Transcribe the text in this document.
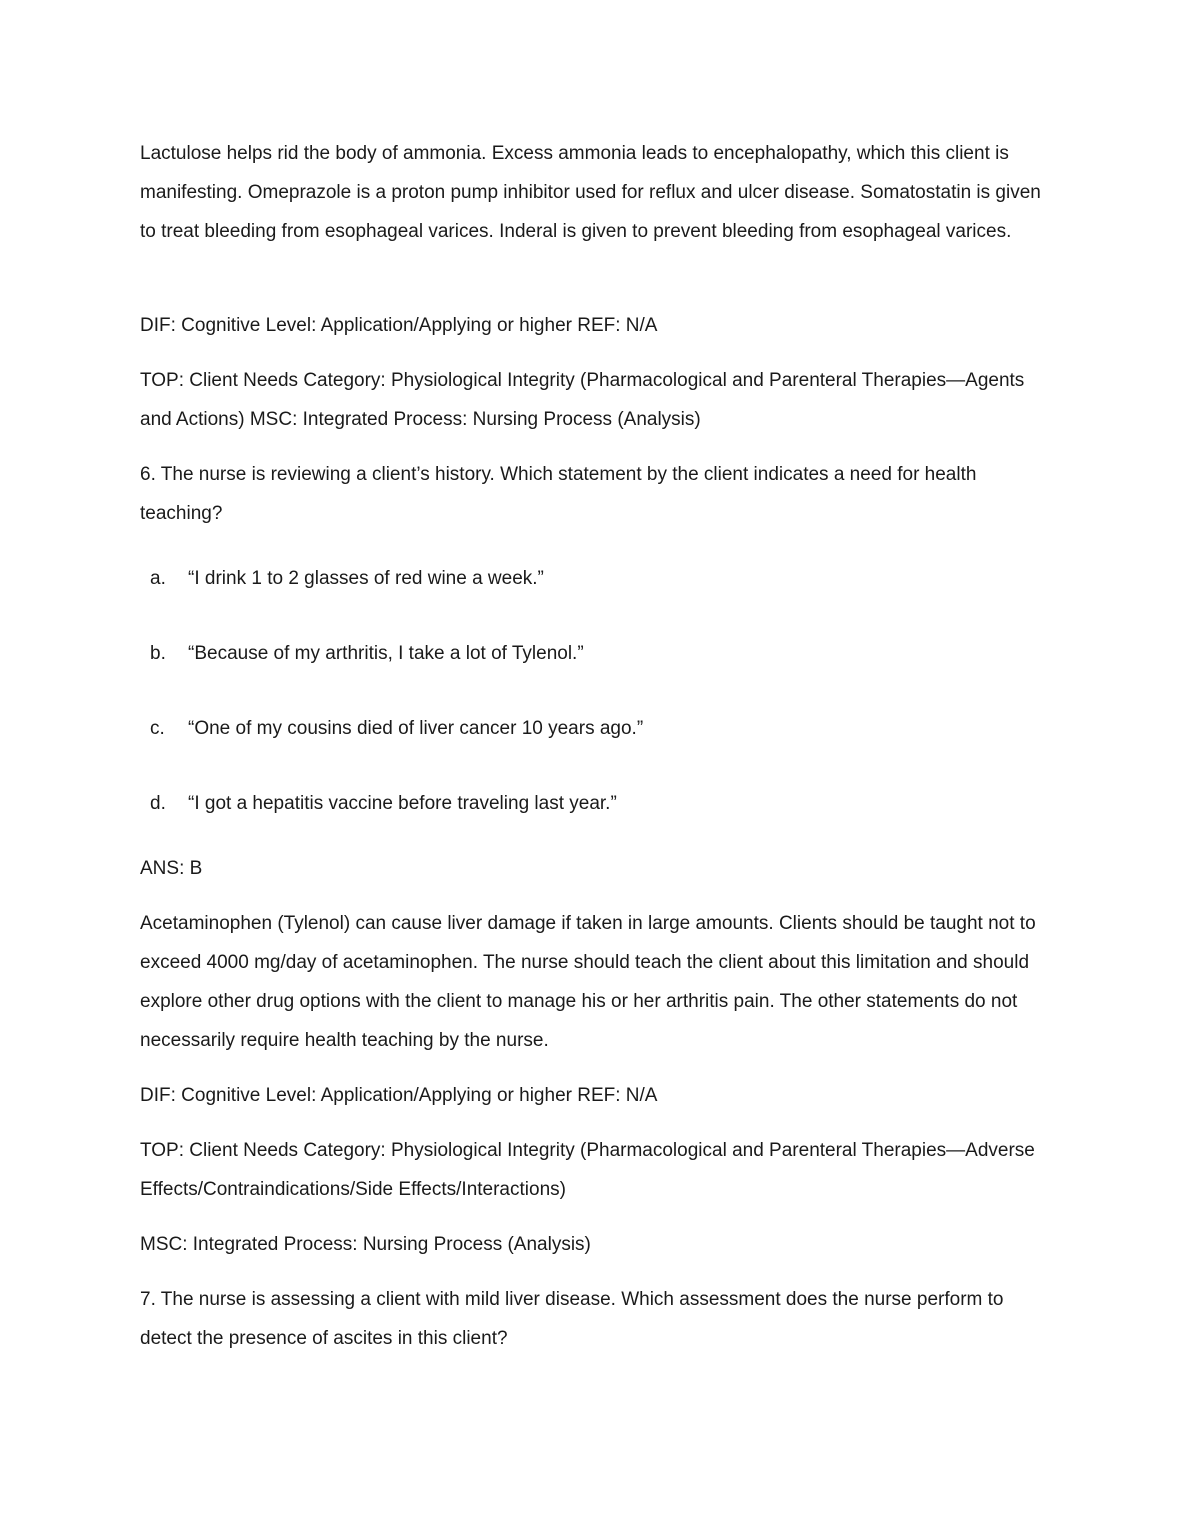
Lactulose helps rid the body of ammonia. Excess ammonia leads to encephalopathy, which this client is manifesting. Omeprazole is a proton pump inhibitor used for reflux and ulcer disease. Somatostatin is given to treat bleeding from esophageal varices. Inderal is given to prevent bleeding from esophageal varices.

DIF: Cognitive Level: Application/Applying or higher REF: N/A

TOP: Client Needs Category: Physiological Integrity (Pharmacological and Parenteral Therapies—Agents and Actions) MSC: Integrated Process: Nursing Process (Analysis)

6. The nurse is reviewing a client’s history. Which statement by the client indicates a need for health teaching?

a. “I drink 1 to 2 glasses of red wine a week.”

b. “Because of my arthritis, I take a lot of Tylenol.”

c. “One of my cousins died of liver cancer 10 years ago.”

d. “I got a hepatitis vaccine before traveling last year.”

ANS: B

Acetaminophen (Tylenol) can cause liver damage if taken in large amounts. Clients should be taught not to exceed 4000 mg/day of acetaminophen. The nurse should teach the client about this limitation and should explore other drug options with the client to manage his or her arthritis pain. The other statements do not necessarily require health teaching by the nurse.

DIF: Cognitive Level: Application/Applying or higher REF: N/A

TOP: Client Needs Category: Physiological Integrity (Pharmacological and Parenteral Therapies—Adverse Effects/Contraindications/Side Effects/Interactions)

MSC: Integrated Process: Nursing Process (Analysis)

7. The nurse is assessing a client with mild liver disease. Which assessment does the nurse perform to detect the presence of ascites in this client?
